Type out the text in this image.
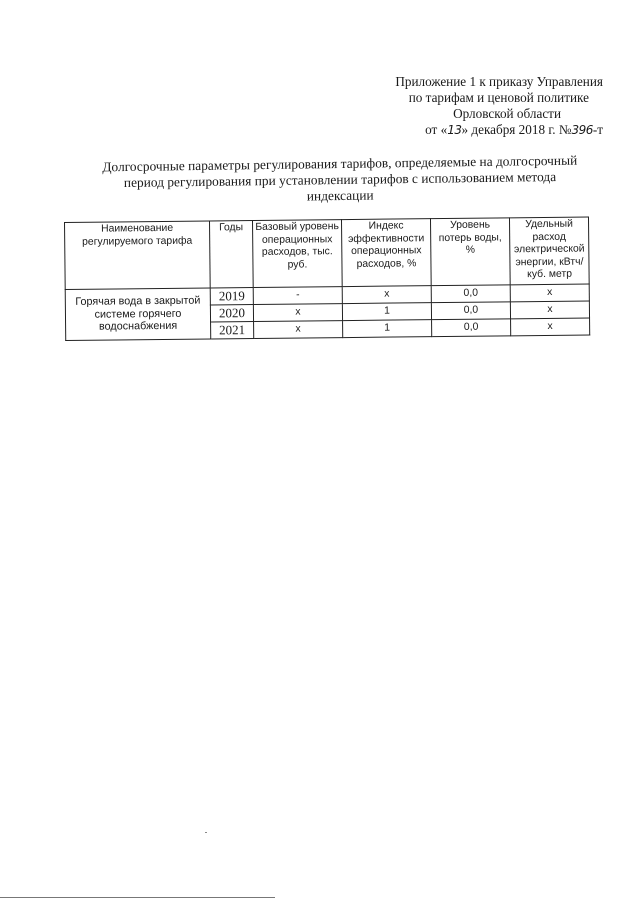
Приложение 1 к приказу Управления
по тарифам и ценовой политике
Орловской области
от «13» декабря 2018 г. №396-т
Долгосрочные параметры регулирования тарифов, определяемые на долгосрочный
период регулирования при установлении тарифов с использованием метода
индексации
Наименование регулируемого тарифа	Годы	Базовый уровень операционных расходов, тыс. руб.	Индекс эффективности операционных расходов, %	Уровень потерь воды, %	Удельный расход электрической энергии, кВтч/куб. метр
Горячая вода в закрытой системе горячего водоснабжения	2019	-	х	0,0	х
	2020	х	1	0,0	х
	2021	х	1	0,0	х
